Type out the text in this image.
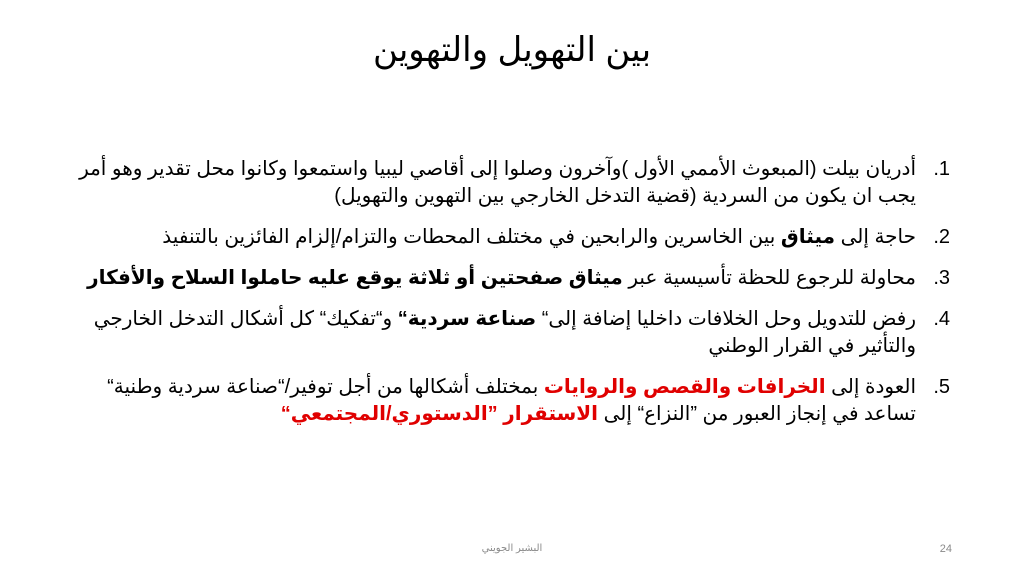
بين التهويل والتهوين
.1
أدريان بيلت (المبعوث الأممي الأول )وآخرون وصلوا إلى أقاصي ليبيا واستمعوا وكانوا محل تقدير وهو أمر يجب ان يكون من السردية (قضية التدخل الخارجي بين التهوين والتهويل)
.2
حاجة إلى ميثاق بين الخاسرين والرابحين في مختلف المحطات والتزام/إلزام الفائزين بالتنفيذ
.3
محاولة للرجوع للحظة تأسيسية عبر ميثاق صفحتين أو ثلاثة يوقع عليه حاملوا السلاح والأفكار
.4
رفض للتدويل وحل الخلافات داخليا إضافة إلى“ صناعة سردية“ و“تفكيك“ كل أشكال التدخل الخارجي والتأثير في القرار الوطني
.5
العودة إلى الخرافات والقصص والروايات بمختلف أشكالها من أجل توفير/“صناعة سردية وطنية“ تساعد في إنجاز العبور من ”النزاع“ إلى الاستقرار ”الدستوري/المجتمعي“
البشير الجويني	24
